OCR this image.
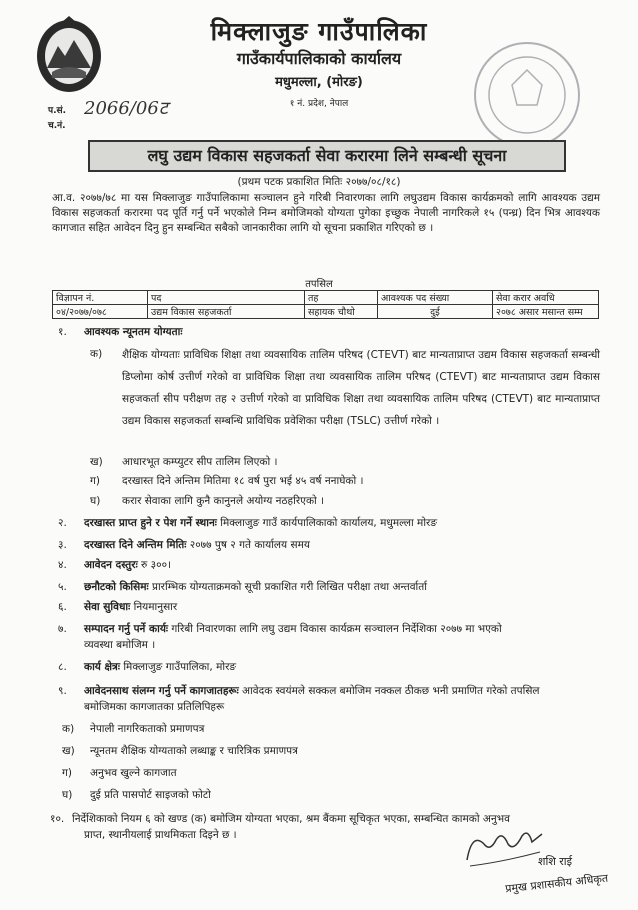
मिक्लाजुङ गाउँपालिका
गाउँकार्यपालिकाको कार्यालय
मधुमल्ला, (मोरङ)
१ नं. प्रदेश, नेपाल
प.सं. 2066/06ट
च.नं.
लघु उद्यम विकास सहजकर्ता सेवा करारमा लिने सम्बन्धी सूचना
(प्रथम पटक प्रकाशित मितिः २०७७/०८/१८)
आ.व. २०७७/७८ मा यस मिक्लाजुङ गाउँपालिकामा सञ्चालन हुने गरिबी निवारणका लागि लघुउद्यम विकास कार्यक्रमको लागि आवश्यक उद्यम विकास सहजकर्ता करारमा पद पूर्ति गर्नु पर्ने भएकोले निम्न बमोजिमको योग्यता पुगेका इच्छुक नेपाली नागरिकले १५ (पन्ध्र) दिन भित्र आवश्यक कागजात सहित आवेदन दिनु हुन सम्बन्धित सबैको जानकारीका लागि यो सूचना प्रकाशित गरिएको छ ।
तपसिल
विज्ञापन नं.	पद	तह	आवश्यक पद संख्या	सेवा करार अवधि
०४/२०७७/०७८	उद्यम विकास सहजकर्ता	सहायक चौथो	दुई	२०७८ असार मसान्त सम्म
१. आवश्यक न्यूनतम योग्यताः
क) शैक्षिक योग्यताः प्राविधिक शिक्षा तथा व्यवसायिक तालिम परिषद (CTEVT) बाट मान्यताप्राप्त उद्यम विकास सहजकर्ता सम्बन्धी डिप्लोमा कोर्ष उत्तीर्ण गरेको वा प्राविधिक शिक्षा तथा व्यवसायिक तालिम परिषद (CTEVT) बाट मान्यताप्राप्त उद्यम विकास सहजकर्ता सीप परीक्षण तह २ उत्तीर्ण गरेको वा प्राविधिक शिक्षा तथा व्यवसायिक तालिम परिषद (CTEVT) बाट मान्यताप्राप्त उद्यम विकास सहजकर्ता सम्बन्धि प्राविधिक प्रवेशिका परीक्षा (TSLC) उत्तीर्ण गरेको ।
ख) आधारभूत कम्प्युटर सीप तालिम लिएको ।
ग) दरखास्त दिने अन्तिम मितिमा १८ वर्ष पुरा भई ४५ वर्ष ननाघेको ।
घ) करार सेवाका लागि कुनै कानुनले अयोग्य नठहरिएको ।
२. दरखास्त प्राप्त हुने र पेश गर्ने स्थानः मिक्लाजुङ गाउँ कार्यपालिकाको कार्यालय, मधुमल्ला मोरङ
३. दरखास्त दिने अन्तिम मितिः २०७७ पुष २ गते कार्यालय समय
४. आवेदन दस्तुरः रु ३००।
५. छनौटको किसिमः प्रारम्भिक योग्यताक्रमको सूची प्रकाशित गरी लिखित परीक्षा तथा अन्तर्वार्ता
६. सेवा सुविधाः नियमानुसार
७. सम्पादन गर्नु पर्ने कार्यः गरिबी निवारणका लागि लघु उद्यम विकास कार्यक्रम सञ्चालन निर्देशिका २०७७ मा भएको
व्यवस्था बमोजिम ।
८. कार्य क्षेत्रः मिक्लाजुङ गाउँपालिका, मोरङ
९. आवेदनसाथ संलग्न गर्नु पर्ने कागजातहरूः आवेदक स्वयंमले सक्कल बमोजिम नक्कल ठीकछ भनी प्रमाणित गरेको तपसिल
बमोजिमका कागजातका प्रतिलिपिहरू
क) नेपाली नागरिकताको प्रमाणपत्र
ख) न्यूनतम शैक्षिक योग्यताको लब्धाङ्क र चारित्रिक प्रमाणपत्र
ग) अनुभव खुल्ने कागजात
घ) दुई प्रति पासपोर्ट साइजको फोटो
१०. निर्देशिकाको नियम ६ को खण्ड (क) बमोजिम योग्यता भएका, श्रम बैंकमा सूचिकृत भएका, सम्बन्धित कामको अनुभव
प्राप्त, स्थानीयलाई प्राथमिकता दिइने छ ।
शशि राई
प्रमुख प्रशासकीय अधिकृत
